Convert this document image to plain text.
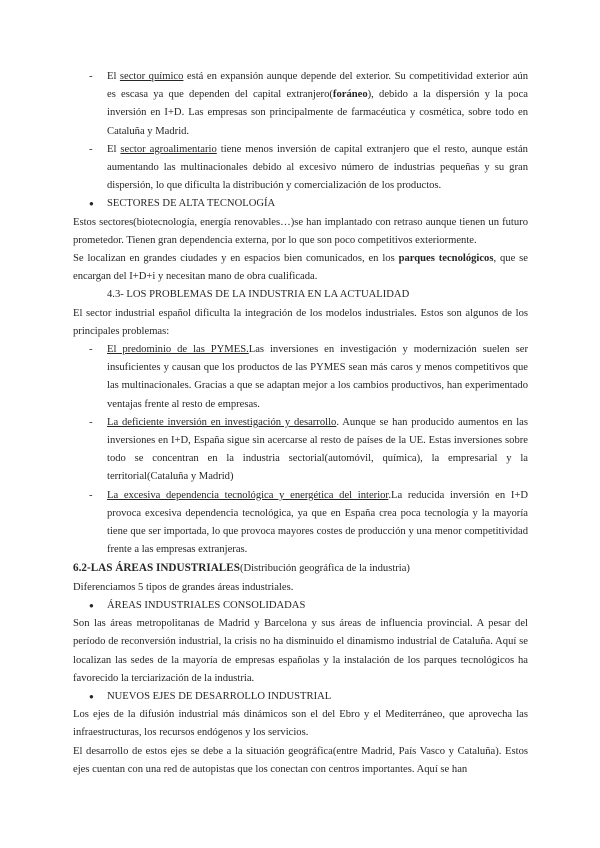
- El sector químico está en expansión aunque depende del exterior. Su competitividad exterior aún es escasa ya que dependen del capital extranjero(foráneo), debido a la dispersión y la poca inversión en I+D. Las empresas son principalmente de farmacéutica y cosmética, sobre todo en Cataluña y Madrid.

- El sector agroalimentario tiene menos inversión de capital extranjero que el resto, aunque están aumentando las multinacionales debido al excesivo número de industrias pequeñas y su gran dispersión, lo que dificulta la distribución y comercialización de los productos.

● SECTORES DE ALTA TECNOLOGÍA

Estos sectores(biotecnología, energía renovables…)se han implantado con retraso aunque tienen un futuro prometedor. Tienen gran dependencia externa, por lo que son poco competitivos exteriormente.

Se localizan en grandes ciudades y en espacios bien comunicados, en los parques tecnológicos, que se encargan del I+D+i y necesitan mano de obra cualificada.

4.3- LOS PROBLEMAS DE LA INDUSTRIA EN LA ACTUALIDAD

El sector industrial español dificulta la integración de los modelos industriales. Estos son algunos de los principales problemas:

- El predominio de las PYMES.Las inversiones en investigación y modernización suelen ser insuficientes y causan que los productos de las PYMES sean más caros y menos competitivos que las multinacionales. Gracias a que se adaptan mejor a los cambios productivos, han experimentado ventajas frente al resto de empresas.

- La deficiente inversión en investigación y desarrollo. Aunque se han producido aumentos en las inversiones en I+D, España sigue sin acercarse al resto de países de la UE. Estas inversiones sobre todo se concentran en la industria sectorial(automóvil, química), la empresarial y la territorial(Cataluña y Madrid)

- La excesiva dependencia tecnológica y energética del interior.La reducida inversión en I+D provoca excesiva dependencia tecnológica, ya que en España crea poca tecnología y la mayoría tiene que ser importada, lo que provoca mayores costes de producción y una menor competitividad frente a las empresas extranjeras.

6.2-LAS ÁREAS INDUSTRIALES(Distribución geográfica de la industria)

Diferenciamos 5 tipos de grandes áreas industriales.

● ÁREAS INDUSTRIALES CONSOLIDADAS

Son las áreas metropolitanas de Madrid y Barcelona y sus áreas de influencia provincial. A pesar del período de reconversión industrial, la crisis no ha disminuido el dinamismo industrial de Cataluña. Aquí se localizan las sedes de la mayoría de empresas españolas y la instalación de los parques tecnológicos ha favorecido la terciarización de la industria.

● NUEVOS EJES DE DESARROLLO INDUSTRIAL

Los ejes de la difusión industrial más dinámicos son el del Ebro y el Mediterráneo, que aprovecha las infraestructuras, los recursos endógenos y los servicios.

El desarrollo de estos ejes se debe a la situación geográfica(entre Madrid, País Vasco y Cataluña). Estos ejes cuentan con una red de autopistas que los conectan con centros importantes. Aquí se han
